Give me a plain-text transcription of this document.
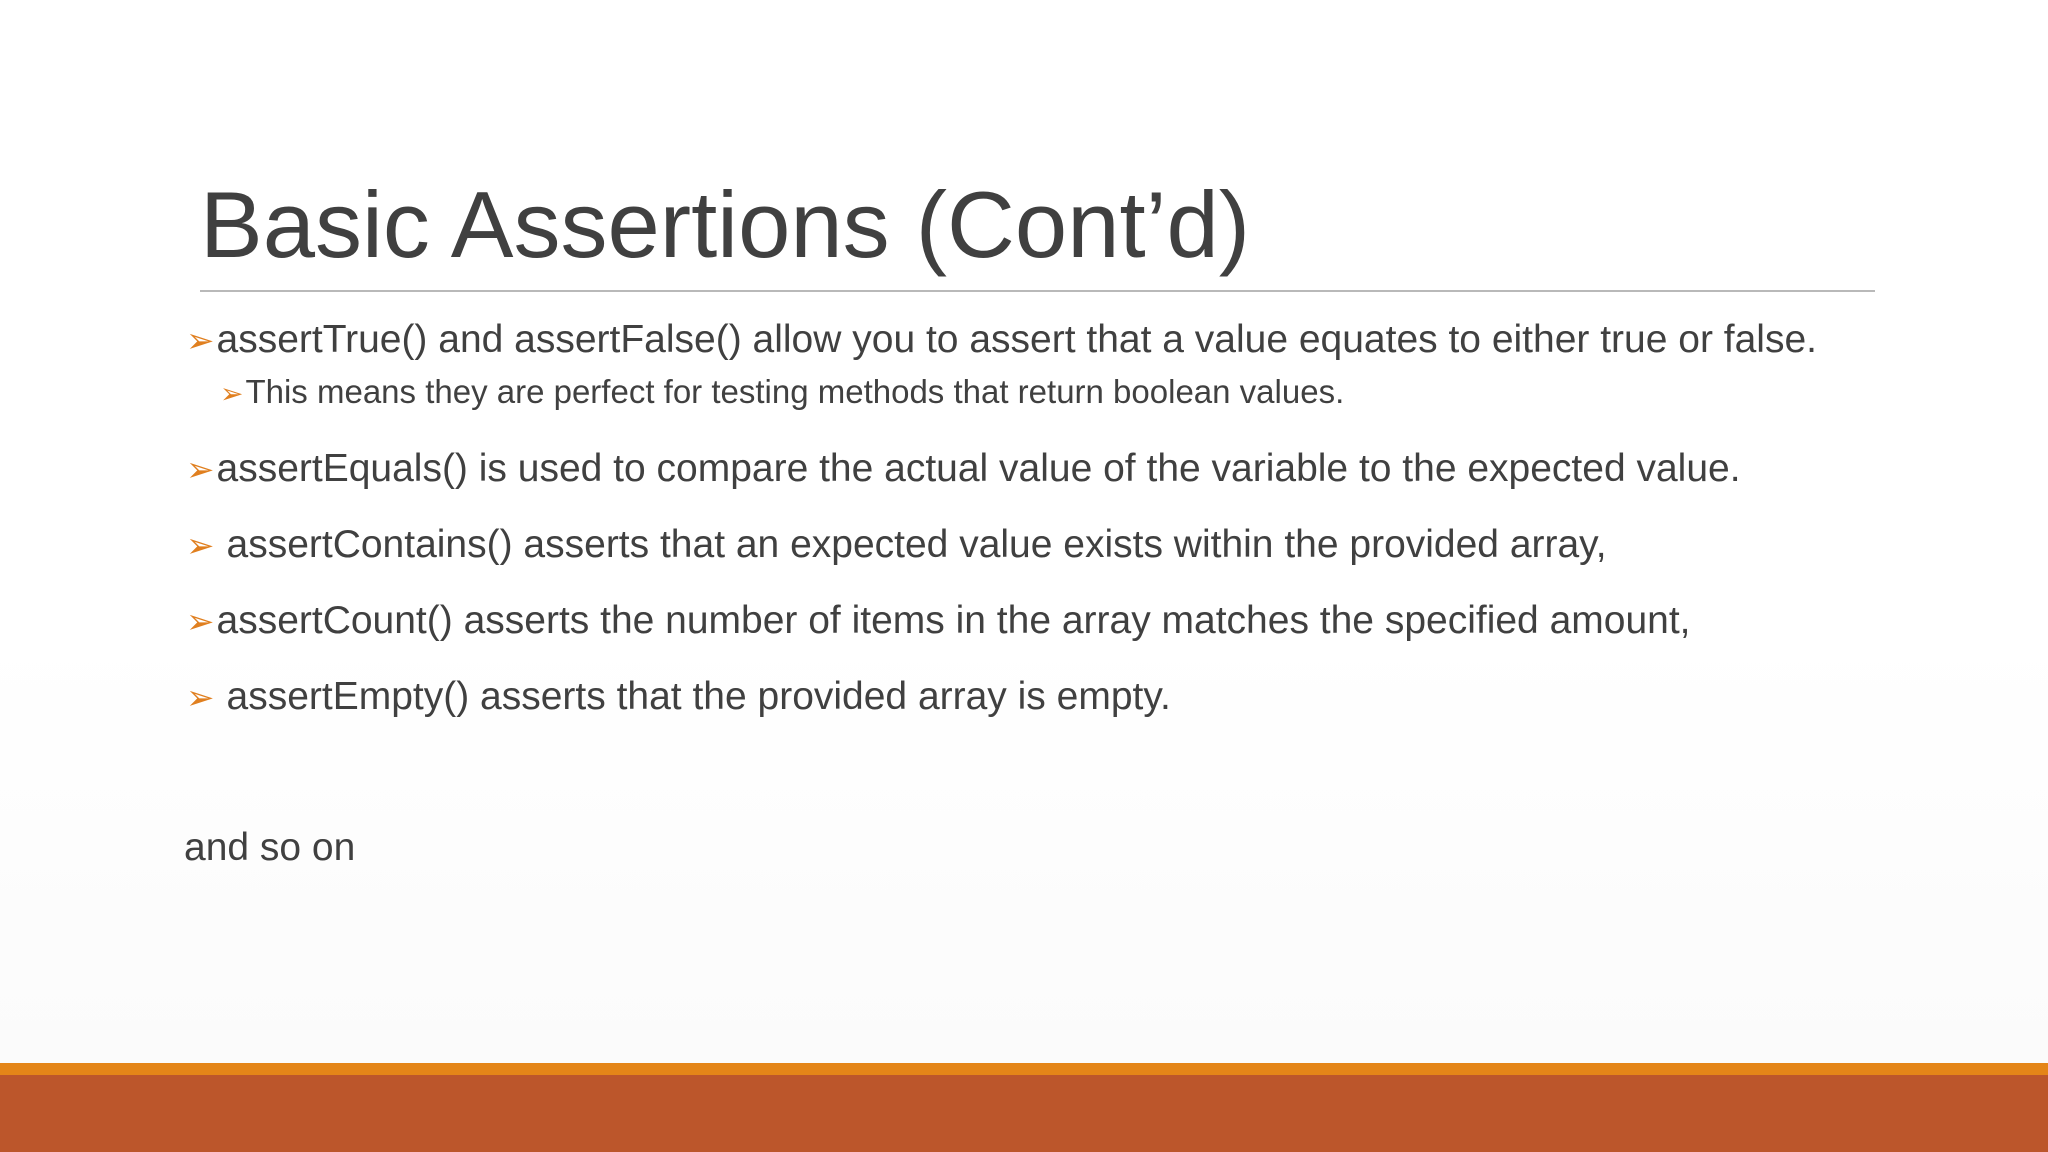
Basic Assertions (Cont’d)
➢assertTrue() and assertFalse() allow you to assert that a value equates to either true or false.
➢This means they are perfect for testing methods that return boolean values.
➢assertEquals() is used to compare the actual value of the variable to the expected value.
➢ assertContains() asserts that an expected value exists within the provided array,
➢assertCount() asserts the number of items in the array matches the specified amount,
➢ assertEmpty() asserts that the provided array is empty.
and so on
